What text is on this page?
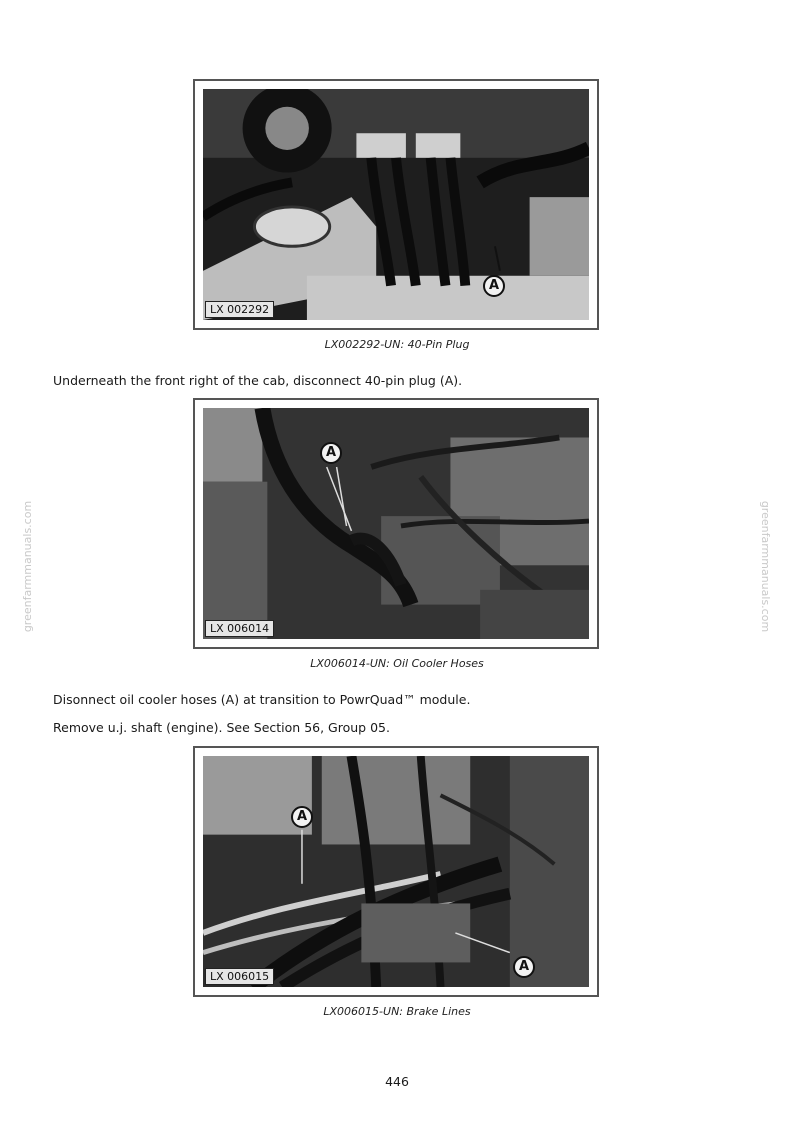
A
LX 002292
LX002292-UN: 40-Pin Plug
Underneath the front right of the cab, disconnect 40-pin plug (A).
A
LX 006014
LX006014-UN: Oil Cooler Hoses
Disonnect oil cooler hoses (A) at transition to PowrQuad™ module.
Remove u.j. shaft (engine). See Section 56, Group 05.
A
A
LX 006015
LX006015-UN: Brake Lines
greenfarmmanuals.com	greenfarmmanuals.com
446
